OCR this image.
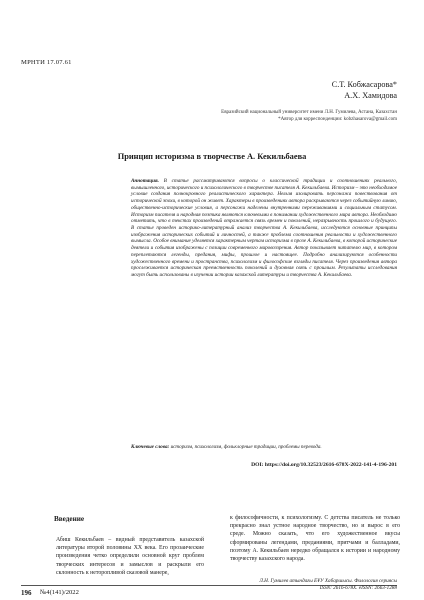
МРНТИ 17.07.61
С.Т. Кобжасарова*
А.Х. Хамидова
Евразийский национальный университет имени Л.Н. Гумилева, Астана, Казахстан
*Автор для корреспонденции: kobzhasarova@gmail.com
Принцип историзма в творчестве А. Кекильбаева
Аннотация. В статье рассматриваются вопросы о классической традиции и соотношениях реального, вымышленного, исторического и психологического в творчестве писателя А. Кекильбаева. Историзм – это необходимое условие создания полнокровного реалистического характера. Нельзя изолировать персонажа повествования от исторической эпохи, в которой он живет. Характеры в произведениях автора раскрываются через событийную линию, общественно-исторические условия, а персонажи наделены внутренними переживаниями и социальным статусом. Историзм писателя и народная поэтика являются ключевыми в понимании художественного мира автора. Необходимо отметить, что в текстах произведений отражается связь времен и поколений, неразрывность прошлого и будущего. В статье проведен историко-литературный анализ творчества А. Кекильбаева, исследуются основные принципы изображения исторических событий и личностей, а также проблема соотношения реальности и художественного вымысла. Особое внимание уделяется характерным чертам историзма в прозе А. Кекильбаева, в которой исторические деятели и события изображены с позиции современного мировоззрения. Автор показывает читателю мир, в котором переплетаются легенды, предания, мифы, прошлое и настоящее. Подробно анализируются особенности художественного времени и пространства, психологизм и философские взгляды писателя. Через произведения автора прослеживается историческая преемственность поколений и духовная связь с прошлым. Результаты исследования могут быть использованы в изучении истории казахской литературы и творчества А. Кекильбаева.
Ключевые слова: историзм, психологизм, фольклорные традиции, проблемы перевода.
DOI: https://doi.org/10.32523/2616-678X-2022-141-4-196-201
Введение
Абиш Кекильбаев – видный представитель казахской литературы второй половины XX века. Его прозаические произведения четко определили основной круг проблем творческих интересов и замыслов и раскрыли его склонность к неторопливой сказовой манере,
к философичности, к психологизму. С детства писатель не только прекрасно знал устное народное творчество, но и вырос в его среде. Можно сказать, что его художественное вкусы сформированы легендами, преданиями, притчами и балладами, поэтому А. Кекильбаев нередко обращался к истории и народному творчеству казахского народа.
196 №4(141)/2022
Л.Н. Гумилев атындағы ЕҰУ Хабаршысы. Филология сериясы
ISSN: 2616-678X. eISSN: 2663-1288
